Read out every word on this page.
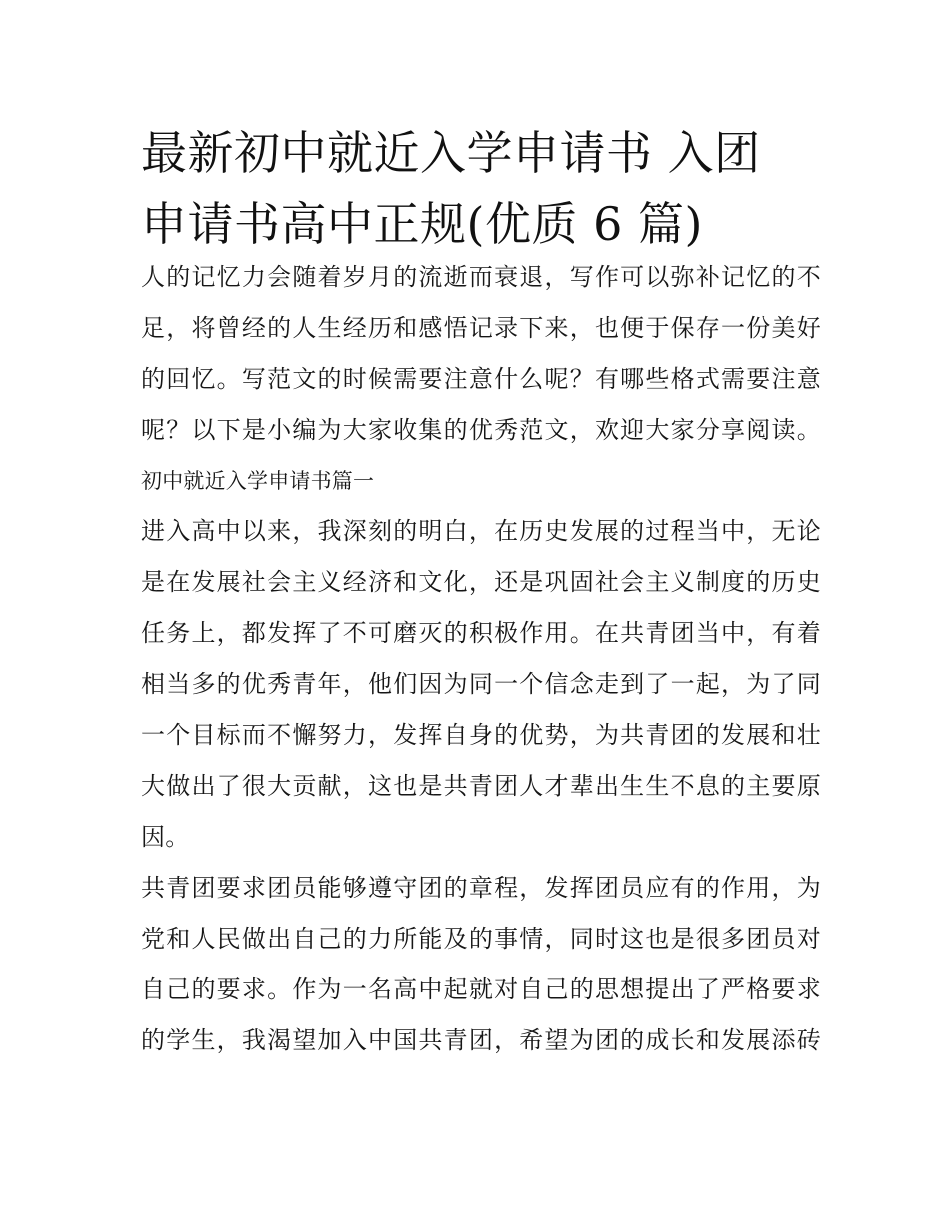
最新初中就近入学申请书 入团
申请书高中正规(优质 6 篇)
人的记忆力会随着岁月的流逝而衰退，写作可以弥补记忆的不
足，将曾经的人生经历和感悟记录下来，也便于保存一份美好
的回忆。写范文的时候需要注意什么呢？有哪些格式需要注意
呢？以下是小编为大家收集的优秀范文，欢迎大家分享阅读。
初中就近入学申请书篇一
进入高中以来，我深刻的明白，在历史发展的过程当中，无论
是在发展社会主义经济和文化，还是巩固社会主义制度的历史
任务上，都发挥了不可磨灭的积极作用。在共青团当中，有着
相当多的优秀青年，他们因为同一个信念走到了一起，为了同
一个目标而不懈努力，发挥自身的优势，为共青团的发展和壮
大做出了很大贡献，这也是共青团人才辈出生生不息的主要原
因。
共青团要求团员能够遵守团的章程，发挥团员应有的作用，为
党和人民做出自己的力所能及的事情，同时这也是很多团员对
自己的要求。作为一名高中起就对自己的思想提出了严格要求
的学生，我渴望加入中国共青团，希望为团的成长和发展添砖
